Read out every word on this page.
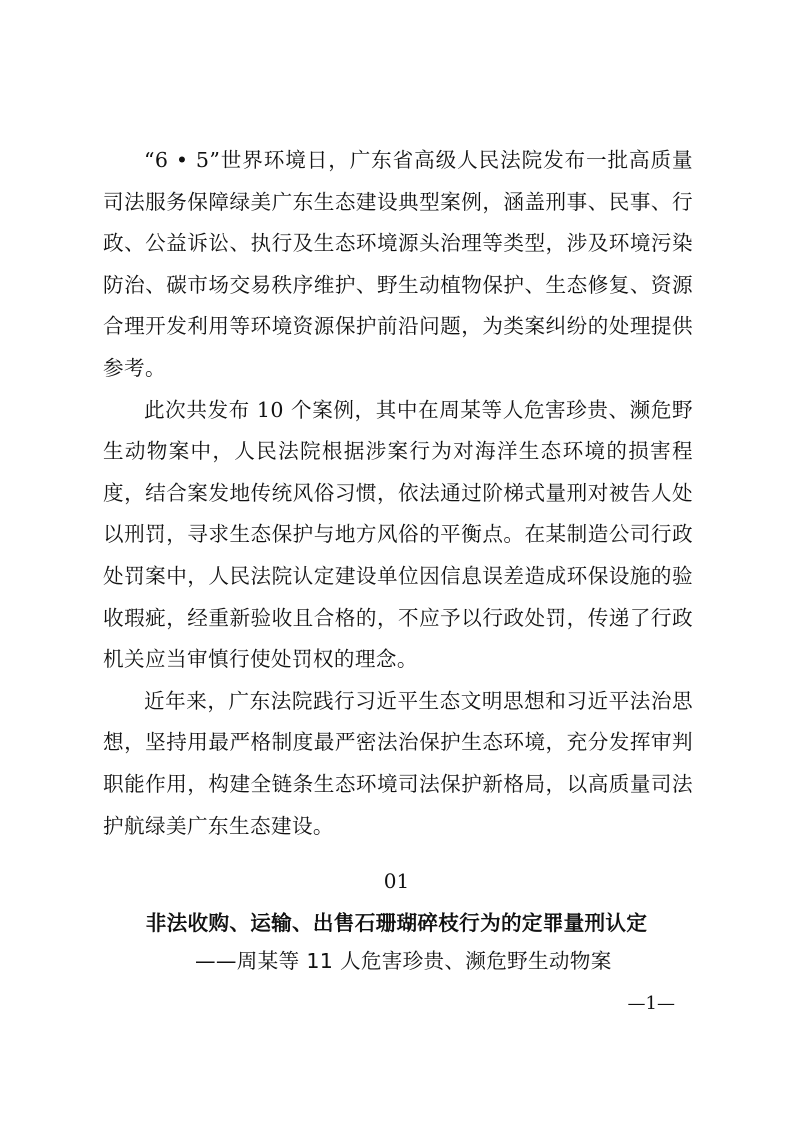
“6 • 5”世界环境日，广东省高级人民法院发布一批高质量司法服务保障绿美广东生态建设典型案例，涵盖刑事、民事、行政、公益诉讼、执行及生态环境源头治理等类型，涉及环境污染防治、碳市场交易秩序维护、野生动植物保护、生态修复、资源合理开发利用等环境资源保护前沿问题，为类案纠纷的处理提供参考。

此次共发布 10 个案例，其中在周某等人危害珍贵、濒危野生动物案中，人民法院根据涉案行为对海洋生态环境的损害程度，结合案发地传统风俗习惯，依法通过阶梯式量刑对被告人处以刑罚，寻求生态保护与地方风俗的平衡点。在某制造公司行政处罚案中，人民法院认定建设单位因信息误差造成环保设施的验收瑕疵，经重新验收且合格的，不应予以行政处罚，传递了行政机关应当审慎行使处罚权的理念。

近年来，广东法院践行习近平生态文明思想和习近平法治思想，坚持用最严格制度最严密法治保护生态环境，充分发挥审判职能作用，构建全链条生态环境司法保护新格局，以高质量司法护航绿美广东生态建设。

01
非法收购、运输、出售石珊瑚碎枝行为的定罪量刑认定
——周某等 11 人危害珍贵、濒危野生动物案
—1—
